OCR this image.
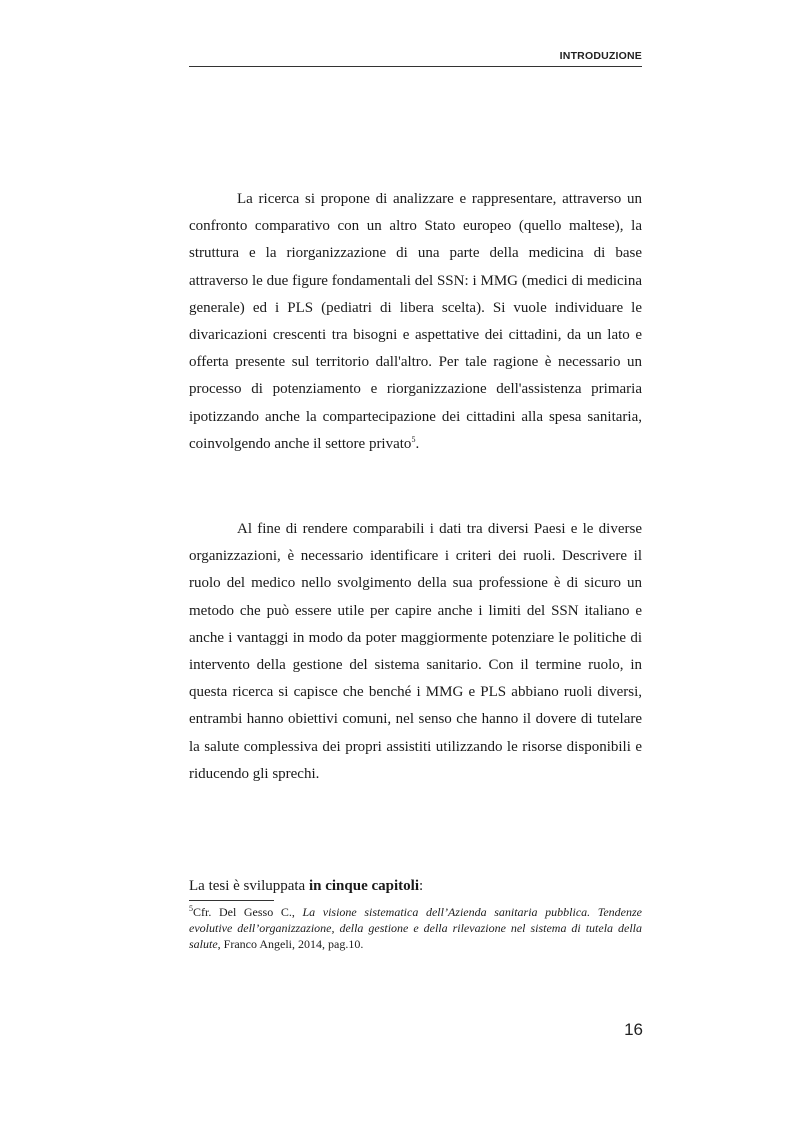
INTRODUZIONE

La ricerca si propone di analizzare e rappresentare, attraverso un confronto comparativo con un altro Stato europeo (quello maltese), la struttura e la riorganizzazione di una parte della medicina di base attraverso le due figure fondamentali del SSN: i MMG (medici di medicina generale) ed i PLS (pediatri di libera scelta). Si vuole individuare le divaricazioni crescenti tra bisogni e aspettative dei cittadini, da un lato e offerta presente sul territorio dall'altro. Per tale ragione è necessario un processo di potenziamento e riorganizzazione dell'assistenza primaria ipotizzando anche la compartecipazione dei cittadini alla spesa sanitaria, coinvolgendo anche il settore privato$^5$.

Al fine di rendere comparabili i dati tra diversi Paesi e le diverse organizzazioni, è necessario identificare i criteri dei ruoli. Descrivere il ruolo del medico nello svolgimento della sua professione è di sicuro un metodo che può essere utile per capire anche i limiti del SSN italiano e anche i vantaggi in modo da poter maggiormente potenziare le politiche di intervento della gestione del sistema sanitario. Con il termine ruolo, in questa ricerca si capisce che benché i MMG e PLS abbiano ruoli diversi, entrambi hanno obiettivi comuni, nel senso che hanno il dovere di tutelare la salute complessiva dei propri assistiti utilizzando le risorse disponibili e riducendo gli sprechi.

La tesi è sviluppata in cinque capitoli:
$^5$Cfr. Del Gesso C., La visione sistematica dell’Azienda sanitaria pubblica. Tendenze evolutive dell’organizzazione, della gestione e della rilevazione nel sistema di tutela della salute, Franco Angeli, 2014, pag.10.
16
